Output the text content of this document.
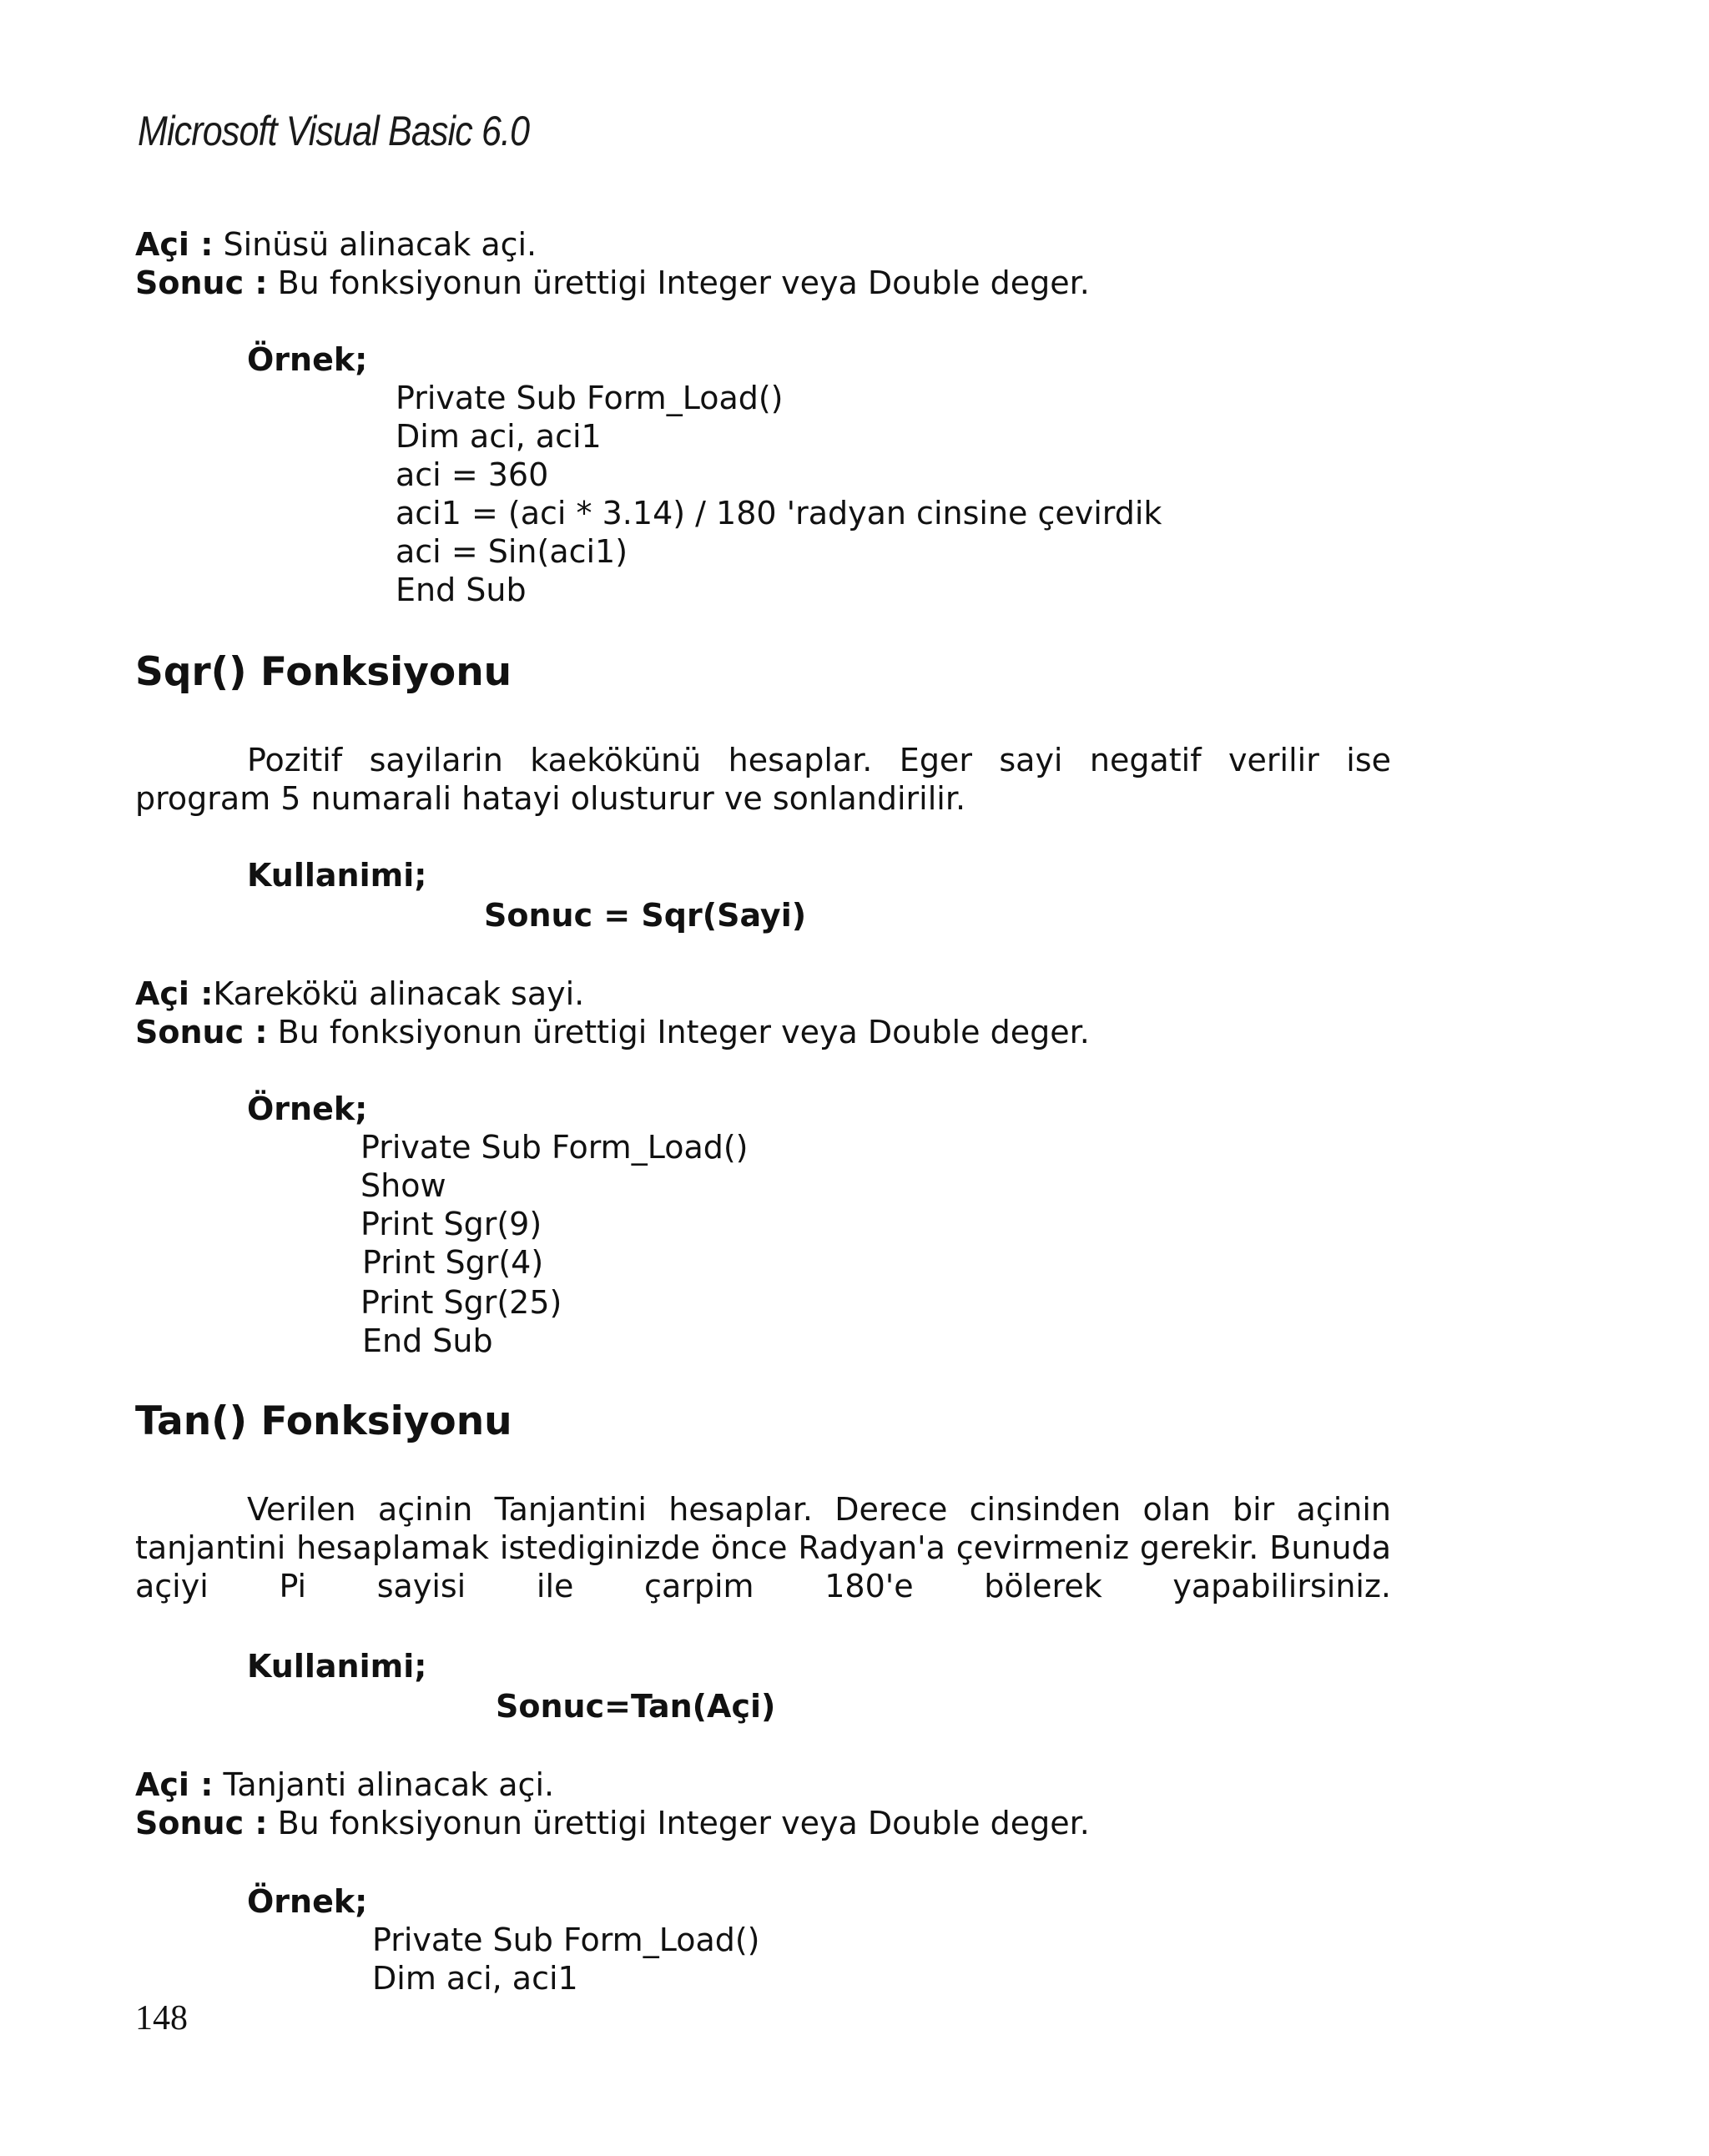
Microsoft Visual Basic 6.0
Açi : Sinüsü alinacak açi.
Sonuc : Bu fonksiyonun ürettigi Integer veya Double deger.
Örnek;
Private Sub Form_Load()
Dim aci, aci1
aci = 360
aci1 = (aci * 3.14) / 180 'radyan cinsine çevirdik
aci = Sin(aci1)
End Sub
Sqr() Fonksiyonu
Pozitif sayilarin kaekökünü hesaplar. Eger sayi negatif verilir ise
program 5 numarali hatayi olusturur ve sonlandirilir.
Kullanimi;
Sonuc = Sqr(Sayi)
Açi :Karekökü alinacak sayi.
Sonuc : Bu fonksiyonun ürettigi Integer veya Double deger.
Örnek;
Private Sub Form_Load()
Show
Print Sgr(9)
Print Sgr(4)
Print Sgr(25)
End Sub
Tan() Fonksiyonu
Verilen açinin Tanjantini hesaplar. Derece cinsinden olan bir açinin
tanjantini hesaplamak istediginizde önce Radyan'a çevirmeniz gerekir. Bunuda
açiyi Pi sayisi ile çarpim 180'e bölerek yapabilirsiniz.
Kullanimi;
Sonuc=Tan(Açi)
Açi : Tanjanti alinacak açi.
Sonuc : Bu fonksiyonun ürettigi Integer veya Double deger.
Örnek;
Private Sub Form_Load()
Dim aci, aci1
148
